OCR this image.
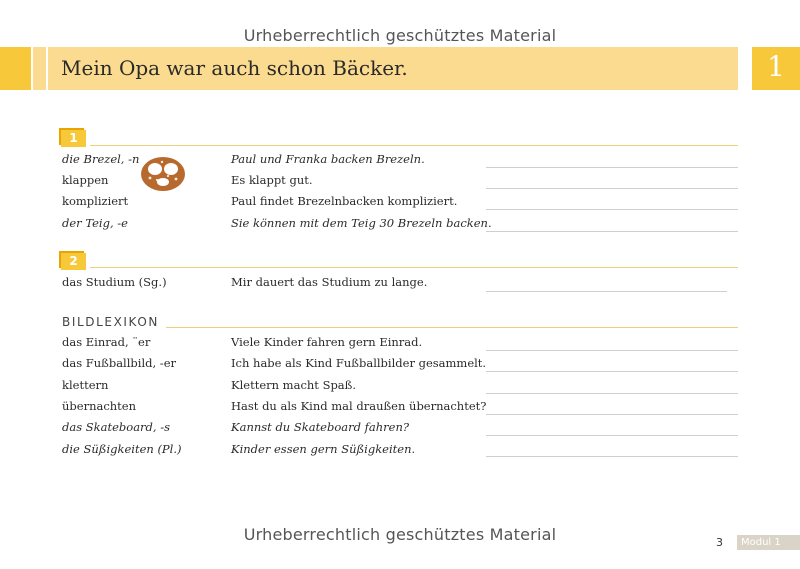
Urheberrechtlich geschütztes Material
Mein Opa war auch schon Bäcker.	1
1
die Brezel, -n	Paul und Franka backen Brezeln.
klappen	Es klappt gut.
kompliziert	Paul findet Brezelnbacken kompliziert.
der Teig, -e	Sie können mit dem Teig 30 Brezeln backen.
2
das Studium (Sg.)	Mir dauert das Studium zu lange.
BILDLEXIKON
das Einrad, ¨er	Viele Kinder fahren gern Einrad.
das Fußballbild, -er	Ich habe als Kind Fußballbilder gesammelt.
klettern	Klettern macht Spaß.
übernachten	Hast du als Kind mal draußen übernachtet?
das Skateboard, -s	Kannst du Skateboard fahren?
die Süßigkeiten (Pl.)	Kinder essen gern Süßigkeiten.
Urheberrechtlich geschütztes Material	3	Modul 1
